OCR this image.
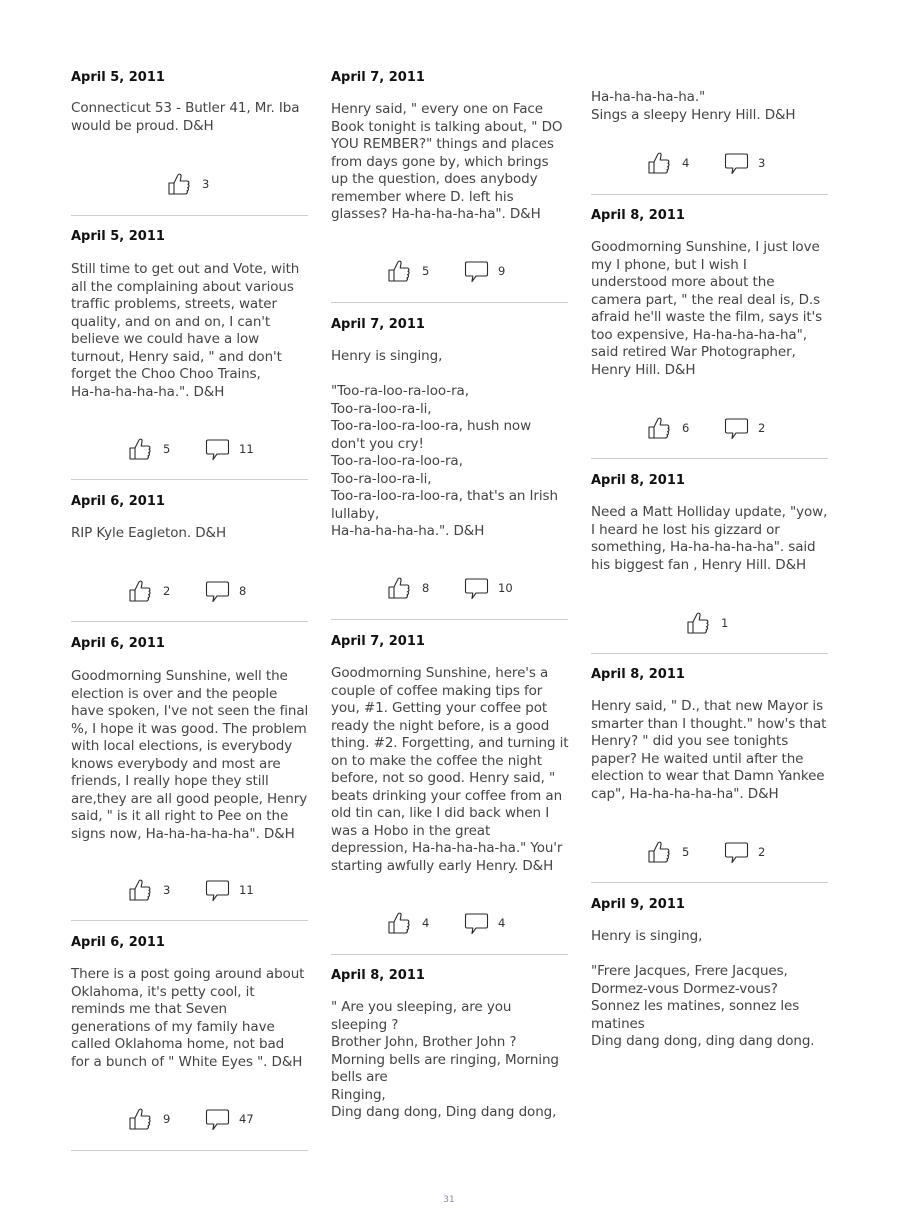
April 5, 2011
Connecticut 53 - Butler 41, Mr. Iba
would be proud. D&H
3
April 5, 2011
Still time to get out and Vote, with
all the complaining about various
traffic problems, streets, water
quality, and on and on, I can't
believe we could have a low
turnout, Henry said, " and don't
forget the Choo Choo Trains,
Ha-ha-ha-ha-ha.". D&H
5	11
April 6, 2011
RIP Kyle Eagleton. D&H
2	8
April 6, 2011
Goodmorning Sunshine, well the
election is over and the people
have spoken, I've not seen the final
%, I hope it was good. The problem
with local elections, is everybody
knows everybody and most are
friends, I really hope they still
are,they are all good people, Henry
said, " is it all right to Pee on the
signs now, Ha-ha-ha-ha-ha". D&H
3	11
April 6, 2011
There is a post going around about
Oklahoma, it's petty cool, it
reminds me that Seven
generations of my family have
called Oklahoma home, not bad
for a bunch of " White Eyes ". D&H
9	47
April 7, 2011
Henry said, " every one on Face
Book tonight is talking about, " DO
YOU REMBER?" things and places
from days gone by, which brings
up the question, does anybody
remember where D. left his
glasses? Ha-ha-ha-ha-ha". D&H
5	9
April 7, 2011
Henry is singing,

"Too-ra-loo-ra-loo-ra,
Too-ra-loo-ra-li,
Too-ra-loo-ra-loo-ra, hush now
don't you cry!
Too-ra-loo-ra-loo-ra,
Too-ra-loo-ra-li,
Too-ra-loo-ra-loo-ra, that's an Irish
lullaby,
Ha-ha-ha-ha-ha.". D&H
8	10
April 7, 2011
Goodmorning Sunshine, here's a
couple of coffee making tips for
you, #1. Getting your coffee pot
ready the night before, is a good
thing. #2. Forgetting, and turning it
on to make the coffee the night
before, not so good. Henry said, "
beats drinking your coffee from an
old tin can, like I did back when I
was a Hobo in the great
depression, Ha-ha-ha-ha-ha." You'r
starting awfully early Henry. D&H
4	4
April 8, 2011
" Are you sleeping, are you
sleeping ?
Brother John, Brother John ?
Morning bells are ringing, Morning
bells are
Ringing,
Ding dang dong, Ding dang dong,
Ha-ha-ha-ha-ha."
Sings a sleepy Henry Hill. D&H
4	3
April 8, 2011
Goodmorning Sunshine, I just love
my I phone, but I wish I
understood more about the
camera part, " the real deal is, D.s
afraid he'll waste the film, says it's
too expensive, Ha-ha-ha-ha-ha",
said retired War Photographer,
Henry Hill. D&H
6	2
April 8, 2011
Need a Matt Holliday update, "yow,
I heard he lost his gizzard or
something, Ha-ha-ha-ha-ha". said
his biggest fan , Henry Hill. D&H
1
April 8, 2011
Henry said, " D., that new Mayor is
smarter than I thought." how's that
Henry? " did you see tonights
paper? He waited until after the
election to wear that Damn Yankee
cap", Ha-ha-ha-ha-ha". D&H
5	2
April 9, 2011
Henry is singing,

"Frere Jacques, Frere Jacques,
Dormez-vous Dormez-vous?
Sonnez les matines, sonnez les
matines
Ding dang dong, ding dang dong.
31
